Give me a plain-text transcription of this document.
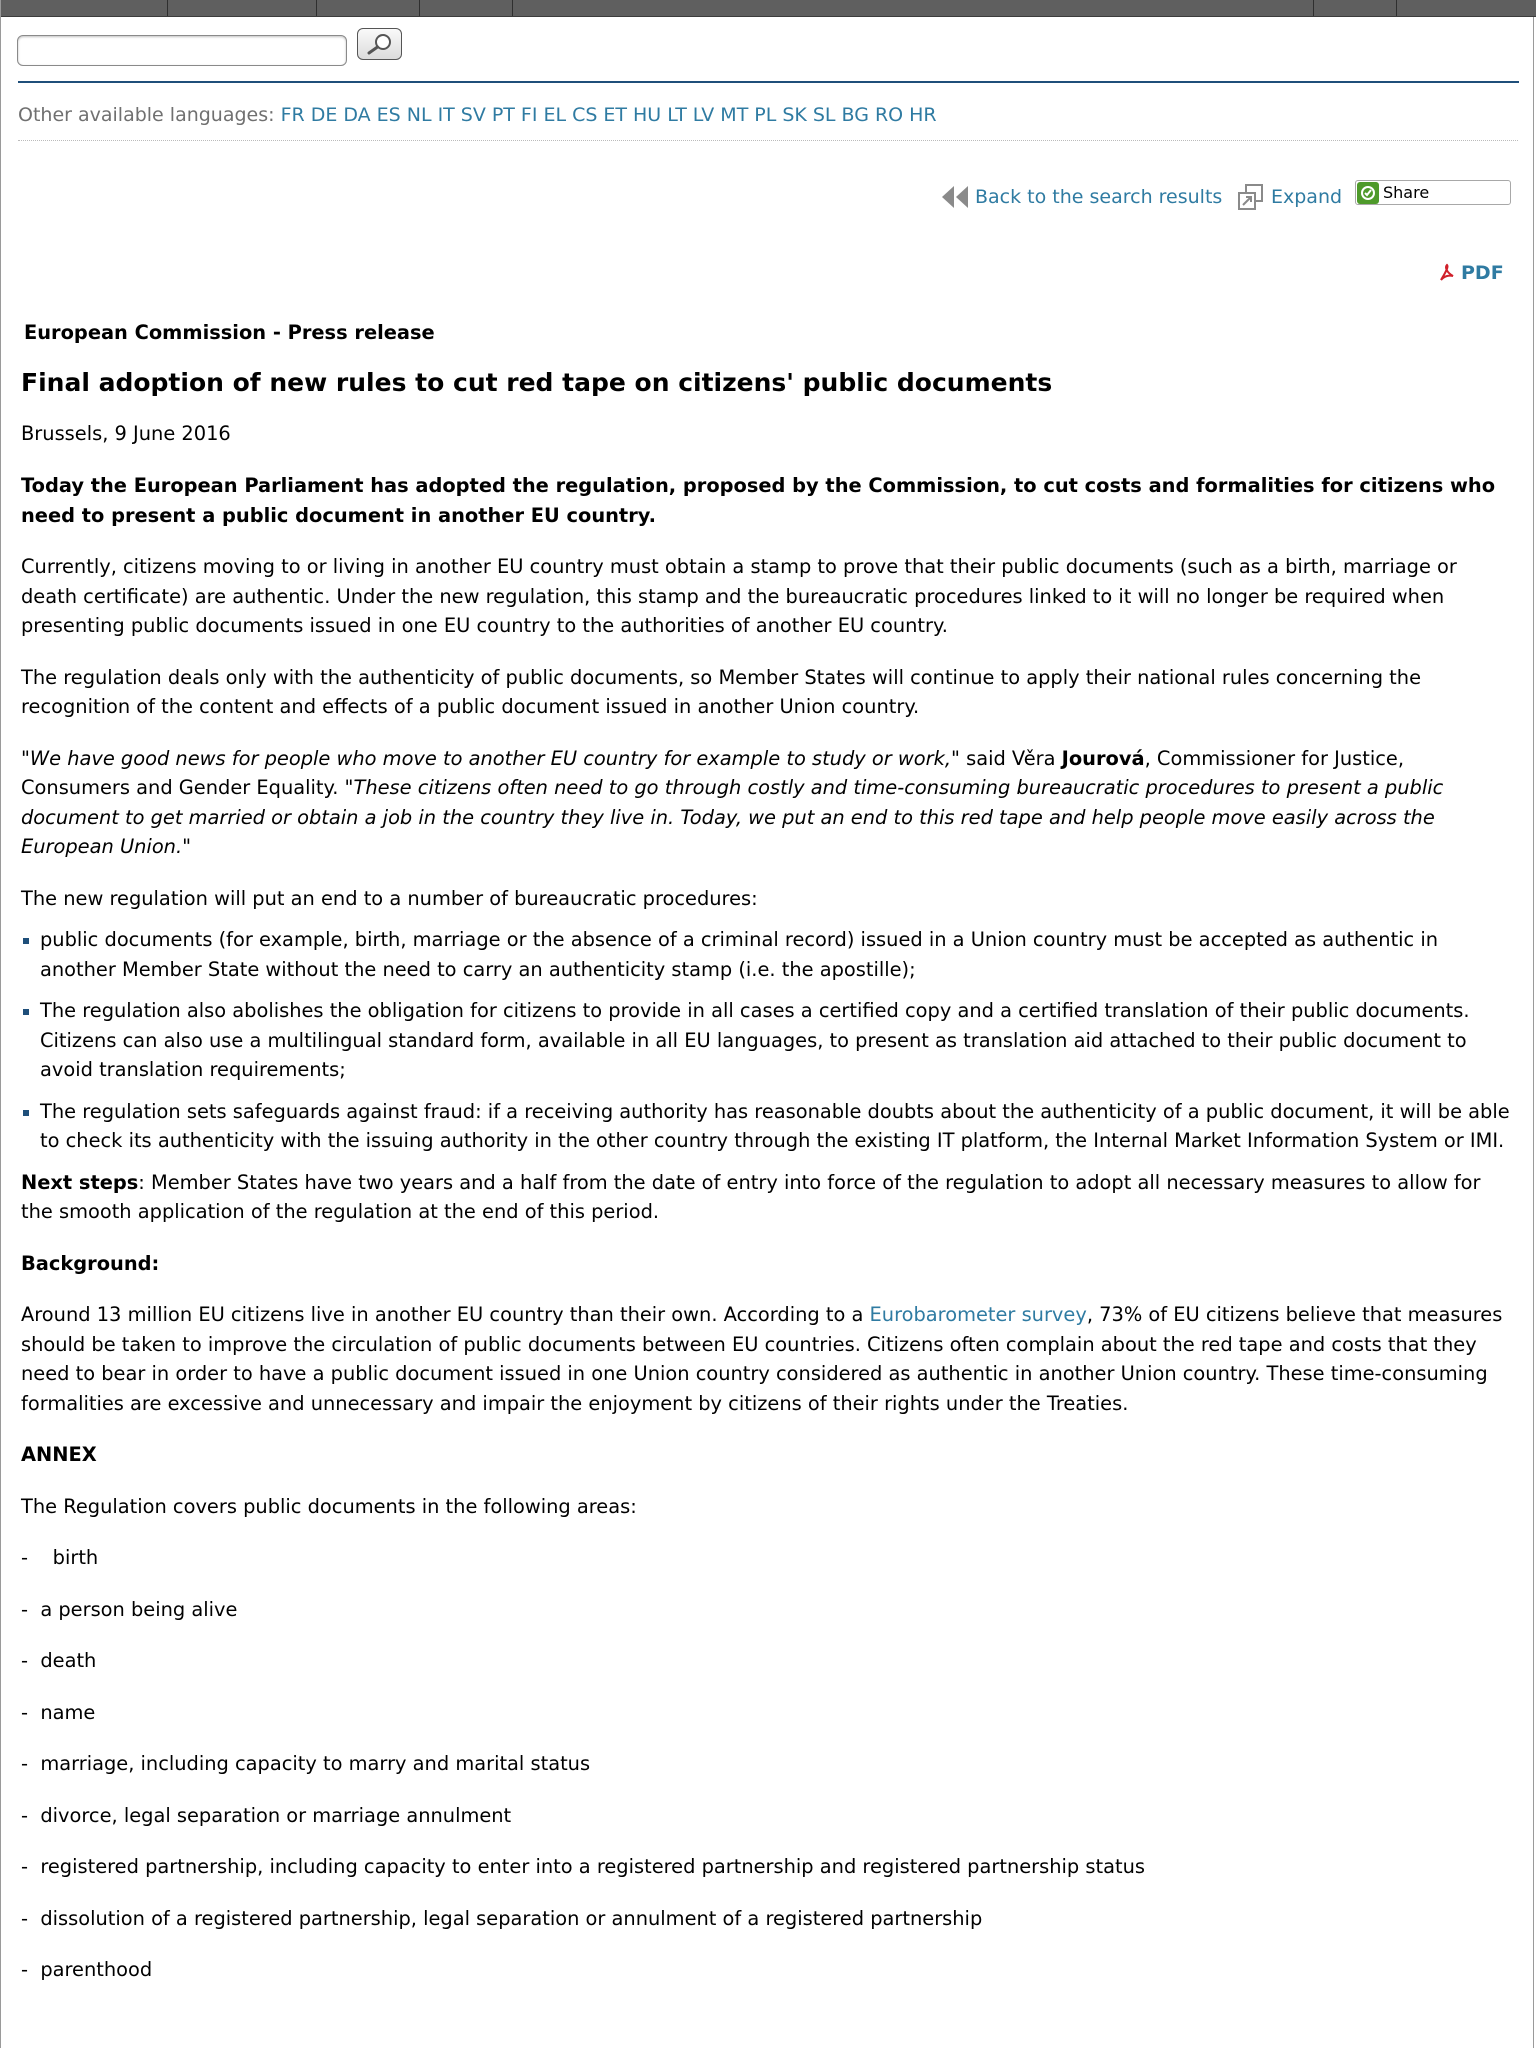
Other available languages: FR DE DA ES NL IT SV PT FI EL CS ET HU LT LV MT PL SK SL BG RO HR
Back to the search results	Expand	Share
PDF

European Commission - Press release

Final adoption of new rules to cut red tape on citizens' public documents

Brussels, 9 June 2016

Today the European Parliament has adopted the regulation, proposed by the Commission, to cut costs and formalities for citizens who need to present a public document in another EU country.

Currently, citizens moving to or living in another EU country must obtain a stamp to prove that their public documents (such as a birth, marriage or death certificate) are authentic. Under the new regulation, this stamp and the bureaucratic procedures linked to it will no longer be required when presenting public documents issued in one EU country to the authorities of another EU country.

The regulation deals only with the authenticity of public documents, so Member States will continue to apply their national rules concerning the recognition of the content and effects of a public document issued in another Union country.

"We have good news for people who move to another EU country for example to study or work," said Věra Jourová, Commissioner for Justice, Consumers and Gender Equality. "These citizens often need to go through costly and time-consuming bureaucratic procedures to present a public document to get married or obtain a job in the country they live in. Today, we put an end to this red tape and help people move easily across the European Union."

The new regulation will put an end to a number of bureaucratic procedures:

public documents (for example, birth, marriage or the absence of a criminal record) issued in a Union country must be accepted as authentic in another Member State without the need to carry an authenticity stamp (i.e. the apostille);
The regulation also abolishes the obligation for citizens to provide in all cases a certified copy and a certified translation of their public documents. Citizens can also use a multilingual standard form, available in all EU languages, to present as translation aid attached to their public document to avoid translation requirements;
The regulation sets safeguards against fraud: if a receiving authority has reasonable doubts about the authenticity of a public document, it will be able to check its authenticity with the issuing authority in the other country through the existing IT platform, the Internal Market Information System or IMI.

Next steps: Member States have two years and a half from the date of entry into force of the regulation to adopt all necessary measures to allow for the smooth application of the regulation at the end of this period.

Background:

Around 13 million EU citizens live in another EU country than their own. According to a Eurobarometer survey, 73% of EU citizens believe that measures should be taken to improve the circulation of public documents between EU countries. Citizens often complain about the red tape and costs that they need to bear in order to have a public document issued in one Union country considered as authentic in another Union country. These time-consuming formalities are excessive and unnecessary and impair the enjoyment by citizens of their rights under the Treaties.

ANNEX

The Regulation covers public documents in the following areas:

-    birth

-  a person being alive

-  death

-  name

-  marriage, including capacity to marry and marital status

-  divorce, legal separation or marriage annulment

-  registered partnership, including capacity to enter into a registered partnership and registered partnership status

-  dissolution of a registered partnership, legal separation or annulment of a registered partnership

-  parenthood
